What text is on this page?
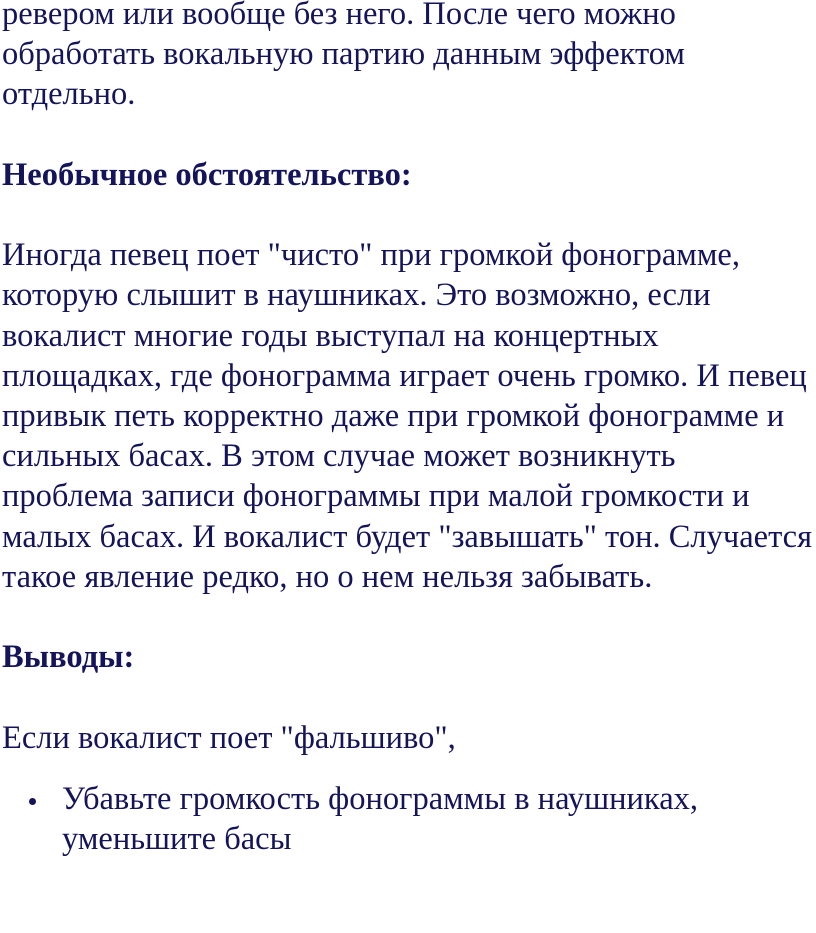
ревером или вообще без него. После чего можно обработать вокальную партию данным эффектом отдельно.

Необычное обстоятельство:

Иногда певец поет "чисто" при громкой фонограмме, которую слышит в наушниках. Это возможно, если вокалист многие годы выступал на концертных площадках, где фонограмма играет очень громко. И певец привык петь корректно даже при громкой фонограмме и сильных басах. В этом случае может возникнуть проблема записи фонограммы при малой громкости и малых басах. И вокалист будет "завышать" тон. Случается такое явление редко, но о нем нельзя забывать.

Выводы:

Если вокалист поет "фальшиво",

Убавьте громкость фонограммы в наушниках, уменьшите басы
